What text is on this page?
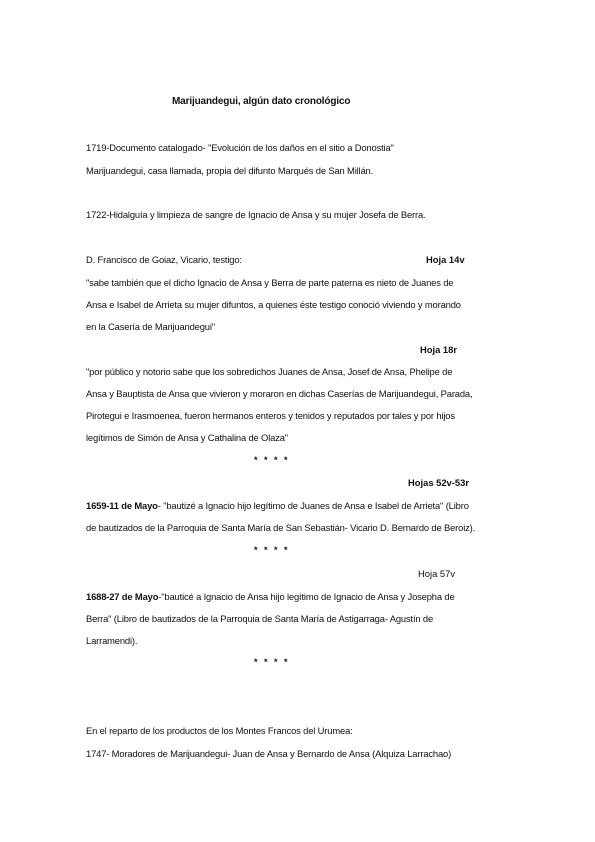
Marijuandegui, algún dato cronológico
1719-Documento catalogado- "Evolución de los daños en el sitio a Donostia"
Marijuandegui, casa llamada, propia del difunto Marqués de San Millán.
1722-Hidalguía y limpieza de sangre de Ignacio de Ansa y su mujer Josefa de Berra.
D. Francisco de Goiaz, Vicario, testigo:	Hoja 14v
"sabe también que el dicho Ignacio de Ansa y Berra de parte paterna es nieto de Juanes de
Ansa e Isabel de Arrieta su mujer difuntos, a quienes éste testigo conoció viviendo y morando
en la Casería de Marijuandegui"
Hoja 18r
"por público y notorio sabe que los sobredichos Juanes de Ansa, Josef de Ansa, Phelipe de
Ansa y Bauptista de Ansa que vivieron y moraron en dichas Caserías de Marijuandegui, Parada,
Pirotegui e Irasmoenea, fueron hermanos enteros y tenidos y reputados por tales y por hijos
legítimos de Simón de Ansa y Cathalina de Olaza"
* * * *
Hojas 52v-53r
1659-11 de Mayo- "bautizé a Ignacio hijo legítimo de Juanes de Ansa e Isabel de Arrieta" (Libro
de bautizados de la Parroquia de Santa María de San Sebastián- Vicario D. Bernardo de Beroiz).
* * * *
Hoja 57v
1688-27 de Mayo-"bauticé a Ignacio de Ansa hijo legítimo de Ignacio de Ansa y Josepha de
Berra" (Libro de bautizados de la Parroquia de Santa María de Astigarraga- Agustín de
Larramendi).
* * * *
En el reparto de los productos de los Montes Francos del Urumea:
1747- Moradores de Marijuandegui- Juan de Ansa y Bernardo de Ansa (Alquiza Larrachao)
